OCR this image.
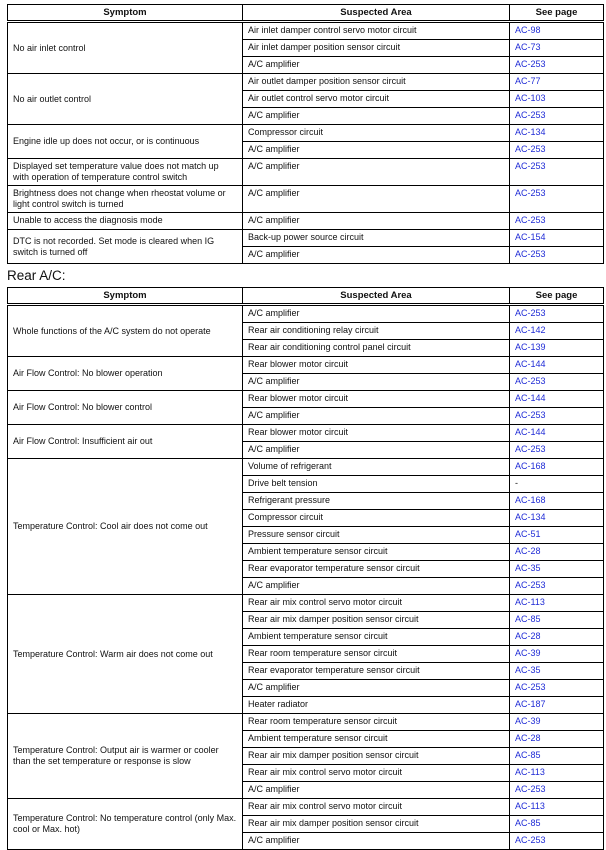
Symptom	Suspected Area	See page
No air inlet control	Air inlet damper control servo motor circuit	AC-98
	Air inlet damper position sensor circuit	AC-73
	A/C amplifier	AC-253
No air outlet control	Air outlet damper position sensor circuit	AC-77
	Air outlet control servo motor circuit	AC-103
	A/C amplifier	AC-253
Engine idle up does not occur, or is continuous	Compressor circuit	AC-134
	A/C amplifier	AC-253
Displayed set temperature value does not match up with operation of temperature control switch	A/C amplifier	AC-253
Brightness does not change when rheostat volume or light control switch is turned	A/C amplifier	AC-253
Unable to access the diagnosis mode	A/C amplifier	AC-253
DTC is not recorded. Set mode is cleared when IG switch is turned off	Back-up power source circuit	AC-154
	A/C amplifier	AC-253
Rear A/C:
Symptom	Suspected Area	See page
Whole functions of the A/C system do not operate	A/C amplifier	AC-253
	Rear air conditioning relay circuit	AC-142
	Rear air conditioning control panel circuit	AC-139
Air Flow Control: No blower operation	Rear blower motor circuit	AC-144
	A/C amplifier	AC-253
Air Flow Control: No blower control	Rear blower motor circuit	AC-144
	A/C amplifier	AC-253
Air Flow Control: Insufficient air out	Rear blower motor circuit	AC-144
	A/C amplifier	AC-253
Temperature Control: Cool air does not come out	Volume of refrigerant	AC-168
	Drive belt tension	-
	Refrigerant pressure	AC-168
	Compressor circuit	AC-134
	Pressure sensor circuit	AC-51
	Ambient temperature sensor circuit	AC-28
	Rear evaporator temperature sensor circuit	AC-35
	A/C amplifier	AC-253
Temperature Control: Warm air does not come out	Rear air mix control servo motor circuit	AC-113
	Rear air mix damper position sensor circuit	AC-85
	Ambient temperature sensor circuit	AC-28
	Rear room temperature sensor circuit	AC-39
	Rear evaporator temperature sensor circuit	AC-35
	A/C amplifier	AC-253
	Heater radiator	AC-187
Temperature Control: Output air is warmer or cooler than the set temperature or response is slow	Rear room temperature sensor circuit	AC-39
	Ambient temperature sensor circuit	AC-28
	Rear air mix damper position sensor circuit	AC-85
	Rear air mix control servo motor circuit	AC-113
	A/C amplifier	AC-253
Temperature Control: No temperature control (only Max. cool or Max. hot)	Rear air mix control servo motor circuit	AC-113
	Rear air mix damper position sensor circuit	AC-85
	A/C amplifier	AC-253
